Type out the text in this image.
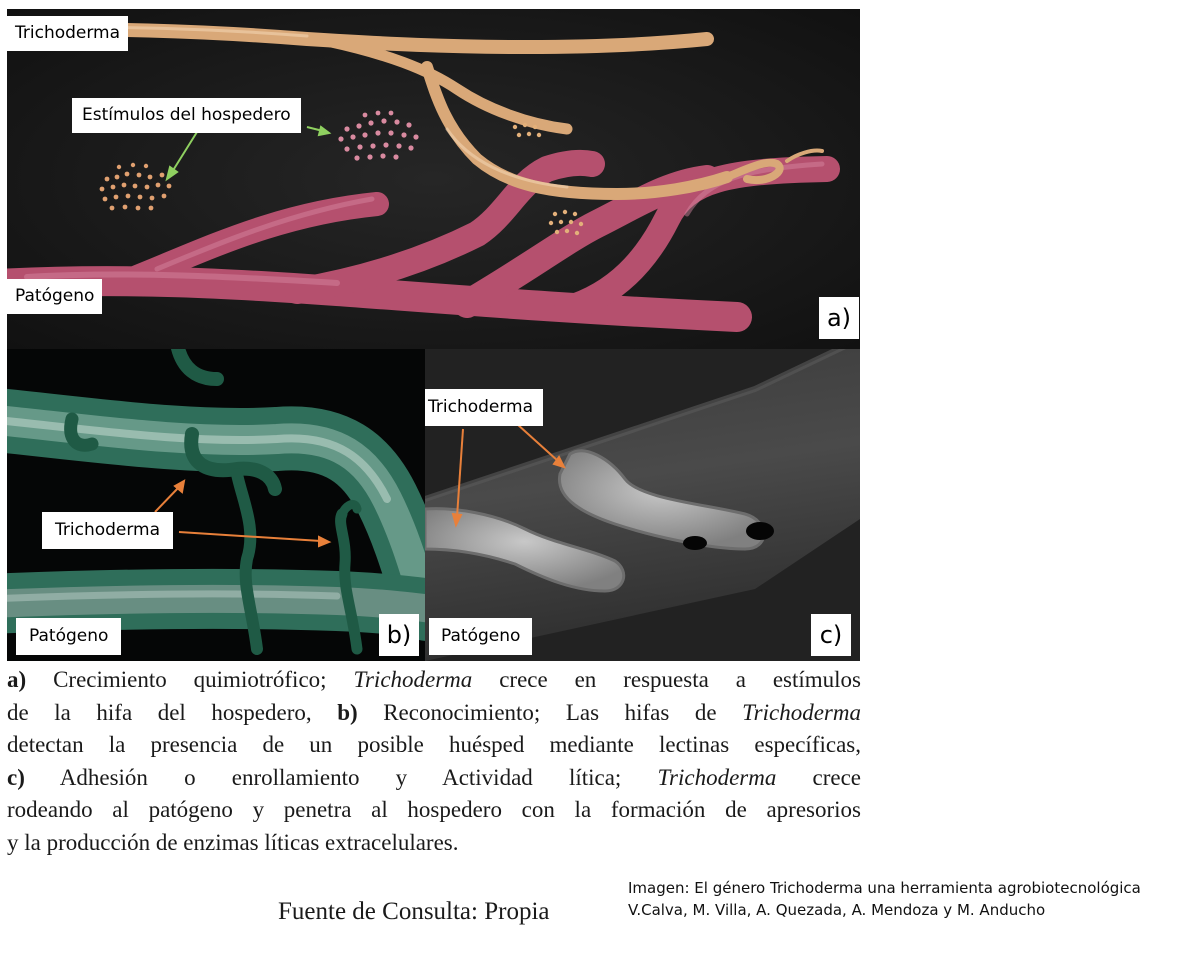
Trichoderma
Estímulos del hospedero
Patógeno
a)
Trichoderma
Patógeno	b)
Trichoderma
Patógeno	c)
a) Crecimiento quimiotrófico; Trichoderma crece en respuesta a estímulos
de la hifa del hospedero, b) Reconocimiento; Las hifas de Trichoderma
detectan la presencia de un posible huésped mediante lectinas específicas,
c) Adhesión o enrollamiento y Actividad lítica; Trichoderma crece
rodeando al patógeno y penetra al hospedero con la formación de apresorios
y la producción de enzimas líticas extracelulares.
Fuente de Consulta: Propia
Imagen: El género Trichoderma una herramienta agrobiotecnológica
V.Calva, M. Villa, A. Quezada, A. Mendoza y M. Anducho
